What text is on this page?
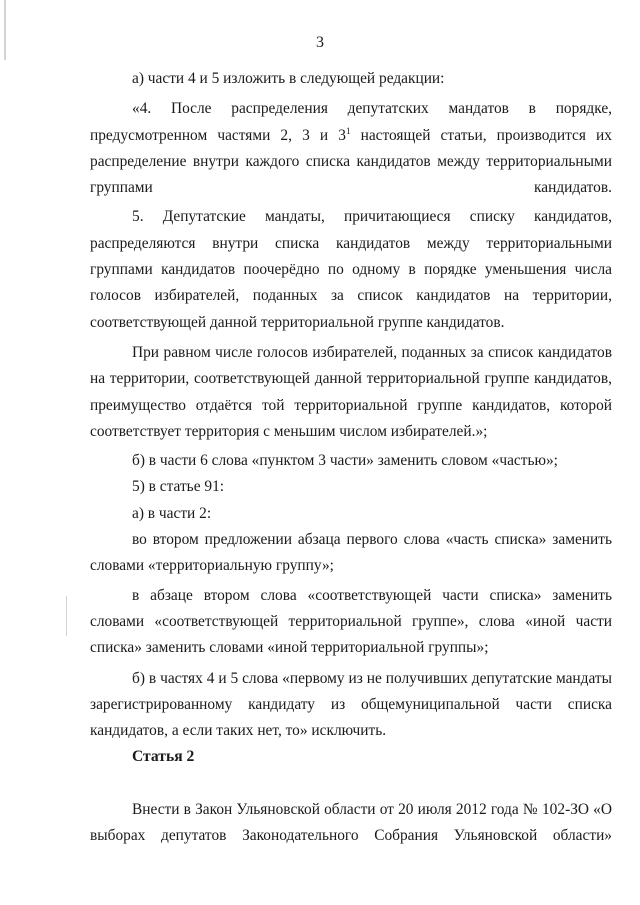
3

а) части 4 и 5 изложить в следующей редакции:

«4. После распределения депутатских мандатов в порядке, предусмотренном частями 2, 3 и $3^1$ настоящей статьи, производится их распределение внутри каждого списка кандидатов между территориальными группами кандидатов.

5. Депутатские мандаты, причитающиеся списку кандидатов, распределяются внутри списка кандидатов между территориальными группами кандидатов поочерёдно по одному в порядке уменьшения числа голосов избирателей, поданных за список кандидатов на территории, соответствующей данной территориальной группе кандидатов.

При равном числе голосов избирателей, поданных за список кандидатов на территории, соответствующей данной территориальной группе кандидатов, преимущество отдаётся той территориальной группе кандидатов, которой соответствует территория с меньшим числом избирателей.»;

б) в части 6 слова «пунктом 3 части» заменить словом «частью»;

5) в статье 91:

а) в части 2:

во втором предложении абзаца первого слова «часть списка» заменить словами «территориальную группу»;

в абзаце втором слова «соответствующей части списка» заменить словами «соответствующей территориальной группе», слова «иной части списка» заменить словами «иной территориальной группы»;

б) в частях 4 и 5 слова «первому из не получивших депутатские мандаты зарегистрированному кандидату из общемуниципальной части списка кандидатов, а если таких нет, то» исключить.

Статья 2

Внести в Закон Ульяновской области от 20 июля 2012 года № 102-ЗО «О выборах депутатов Законодательного Собрания Ульяновской области»
